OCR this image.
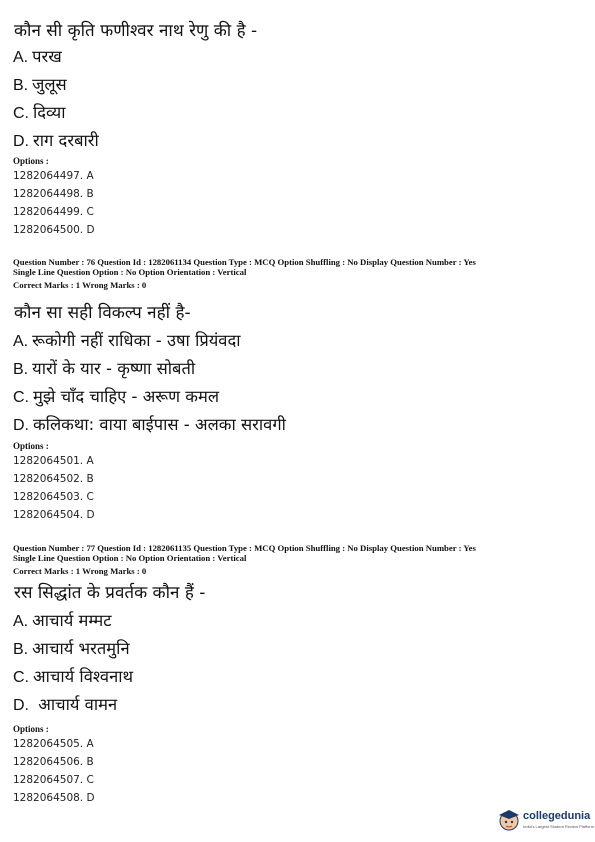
कौन सी कृति फणीश्वर नाथ रेणु की है -
A. परख
B. जुलूस
C. दिव्या
D. राग दरबारी
Options :
1282064497. A
1282064498. B
1282064499. C
1282064500. D
Question Number : 76 Question Id : 1282061134 Question Type : MCQ Option Shuffling : No Display Question Number : Yes
Single Line Question Option : No Option Orientation : Vertical
Correct Marks : 1 Wrong Marks : 0
कौन सा सही विकल्प नहीं है-
A. रूकोगी नहीं राधिका - उषा प्रियंवदा
B. यारों के यार - कृष्णा सोबती
C. मुझे चाँद चाहिए - अरूण कमल
D. कलिकथा: वाया बाईपास - अलका सरावगी
Options :
1282064501. A
1282064502. B
1282064503. C
1282064504. D
Question Number : 77 Question Id : 1282061135 Question Type : MCQ Option Shuffling : No Display Question Number : Yes
Single Line Question Option : No Option Orientation : Vertical
Correct Marks : 1 Wrong Marks : 0
रस सिद्धांत के प्रवर्तक कौन हैं -
A. आचार्य मम्मट
B. आचार्य भरतमुनि
C. आचार्य विश्वनाथ
D. आचार्य वामन
Options :
1282064505. A
1282064506. B
1282064507. C
1282064508. D
collegedunia
India's Largest Student Review Platform
